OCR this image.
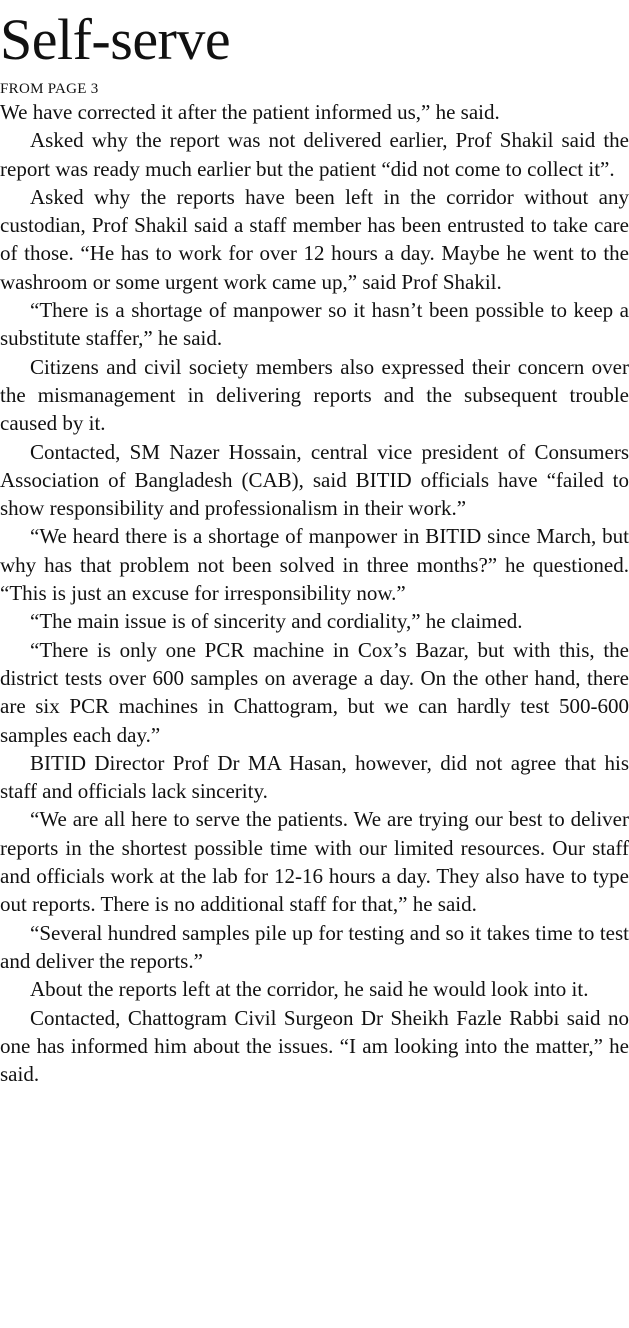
Self-serve
FROM PAGE 3

We have corrected it after the patient informed us,” he said.

Asked why the report was not delivered earlier, Prof Shakil said the report was ready much earlier but the patient “did not come to collect it”.

Asked why the reports have been left in the corridor without any custodian, Prof Shakil said a staff member has been entrusted to take care of those. “He has to work for over 12 hours a day. Maybe he went to the washroom or some urgent work came up,” said Prof Shakil.

“There is a shortage of manpower so it hasn’t been possible to keep a substitute staffer,” he said.

Citizens and civil society members also expressed their concern over the mismanagement in delivering reports and the subsequent trouble caused by it.

Contacted, SM Nazer Hossain, central vice president of Consumers Association of Bangladesh (CAB), said BITID officials have “failed to show responsibility and professionalism in their work.”

“We heard there is a shortage of manpower in BITID since March, but why has that problem not been solved in three months?” he questioned. “This is just an excuse for irresponsibility now.”

“The main issue is of sincerity and cordiality,” he claimed.

“There is only one PCR machine in Cox’s Bazar, but with this, the district tests over 600 samples on average a day. On the other hand, there are six PCR machines in Chattogram, but we can hardly test 500-600 samples each day.”

BITID Director Prof Dr MA Hasan, however, did not agree that his staff and officials lack sincerity.

“We are all here to serve the patients. We are trying our best to deliver reports in the shortest possible time with our limited resources. Our staff and officials work at the lab for 12-16 hours a day. They also have to type out reports. There is no additional staff for that,” he said.

“Several hundred samples pile up for testing and so it takes time to test and deliver the reports.”

About the reports left at the corridor, he said he would look into it.

Contacted, Chattogram Civil Surgeon Dr Sheikh Fazle Rabbi said no one has informed him about the issues. “I am looking into the matter,” he said.
